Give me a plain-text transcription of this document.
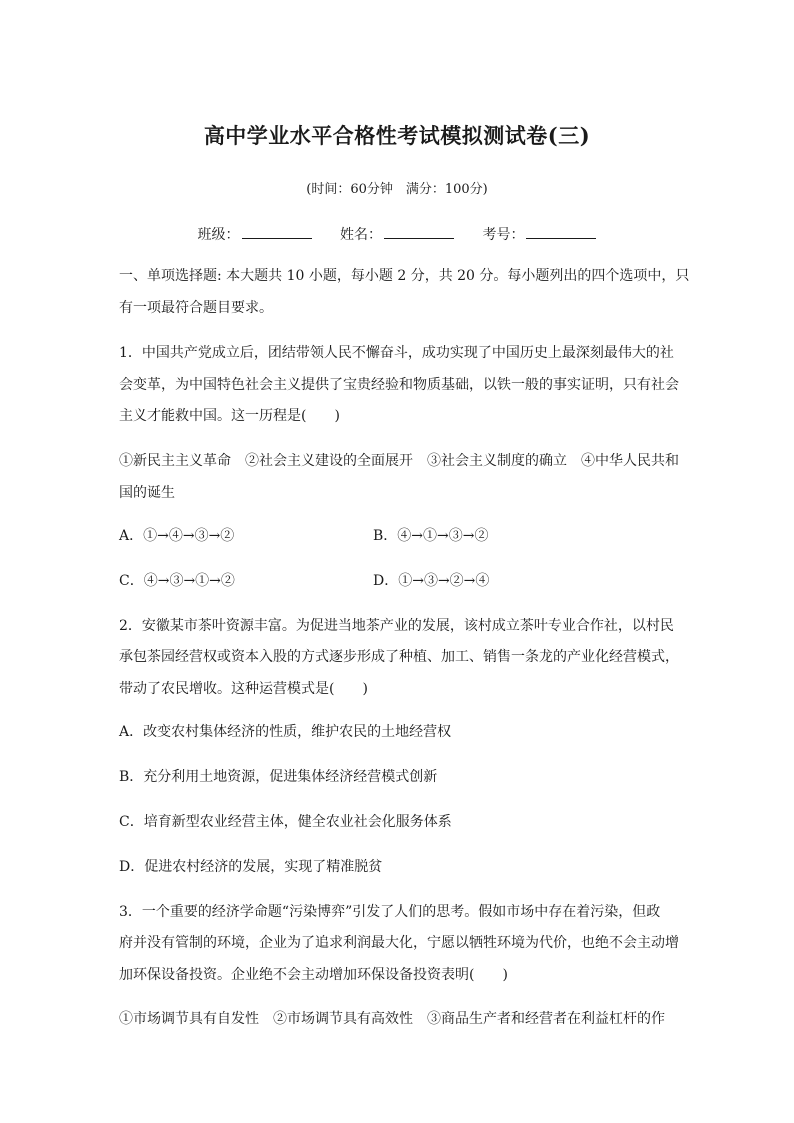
高中学业水平合格性考试模拟测试卷(三)
(时间：60分钟　满分：100分)
班级：	姓名：	考号：
一、单项选择题: 本大题共 10 小题，每小题 2 分，共 20 分。每小题列出的四个选项中，只
有一项最符合题目要求。
1．中国共产党成立后，团结带领人民不懈奋斗，成功实现了中国历史上最深刻最伟大的社
会变革，为中国特色社会主义提供了宝贵经验和物质基础，以铁一般的事实证明，只有社会
主义才能救中国。这一历程是(　　)
①新民主主义革命　②社会主义建设的全面展开　③社会主义制度的确立　④中华人民共和
国的诞生
A．①→④→③→②	B．④→①→③→②
C．④→③→①→②	D．①→③→②→④
2．安徽某市茶叶资源丰富。为促进当地茶产业的发展，该村成立茶叶专业合作社，以村民
承包茶园经营权或资本入股的方式逐步形成了种植、加工、销售一条龙的产业化经营模式，
带动了农民增收。这种运营模式是(　　)
A．改变农村集体经济的性质，维护农民的土地经营权
B．充分利用土地资源，促进集体经济经营模式创新
C．培育新型农业经营主体，健全农业社会化服务体系
D．促进农村经济的发展，实现了精准脱贫
3．一个重要的经济学命题“污染博弈”引发了人们的思考。假如市场中存在着污染，但政
府并没有管制的环境，企业为了追求利润最大化，宁愿以牺牲环境为代价，也绝不会主动增
加环保设备投资。企业绝不会主动增加环保设备投资表明(　　)
①市场调节具有自发性　②市场调节具有高效性　③商品生产者和经营者在利益杠杆的作
